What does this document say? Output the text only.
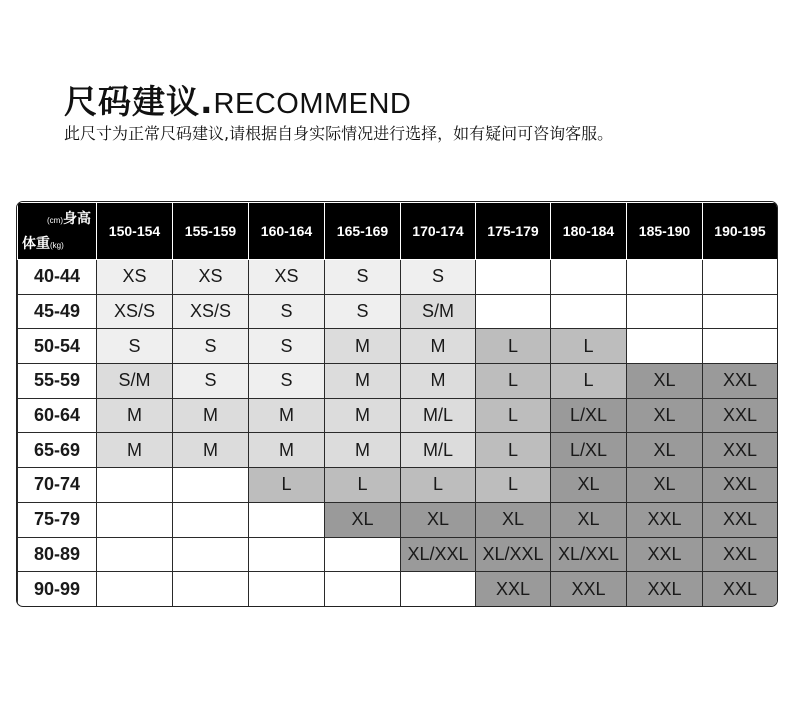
尺码建议.RECOMMEND
此尺寸为正常尺码建议,请根据自身实际情况进行选择，如有疑问可咨询客服。
(cm)身高
体重(kg)	150-154	155-159	160-164	165-169	170-174	175-179	180-184	185-190	190-195
40-44	XS	XS	XS	S	S				
45-49	XS/S	XS/S	S	S	S/M				
50-54	S	S	S	M	M	L	L		
55-59	S/M	S	S	M	M	L	L	XL	XXL
60-64	M	M	M	M	M/L	L	L/XL	XL	XXL
65-69	M	M	M	M	M/L	L	L/XL	XL	XXL
70-74			L	L	L	L	XL	XL	XXL
75-79				XL	XL	XL	XL	XXL	XXL
80-89					XL/XXL	XL/XXL	XL/XXL	XXL	XXL
90-99						XXL	XXL	XXL	XXL
